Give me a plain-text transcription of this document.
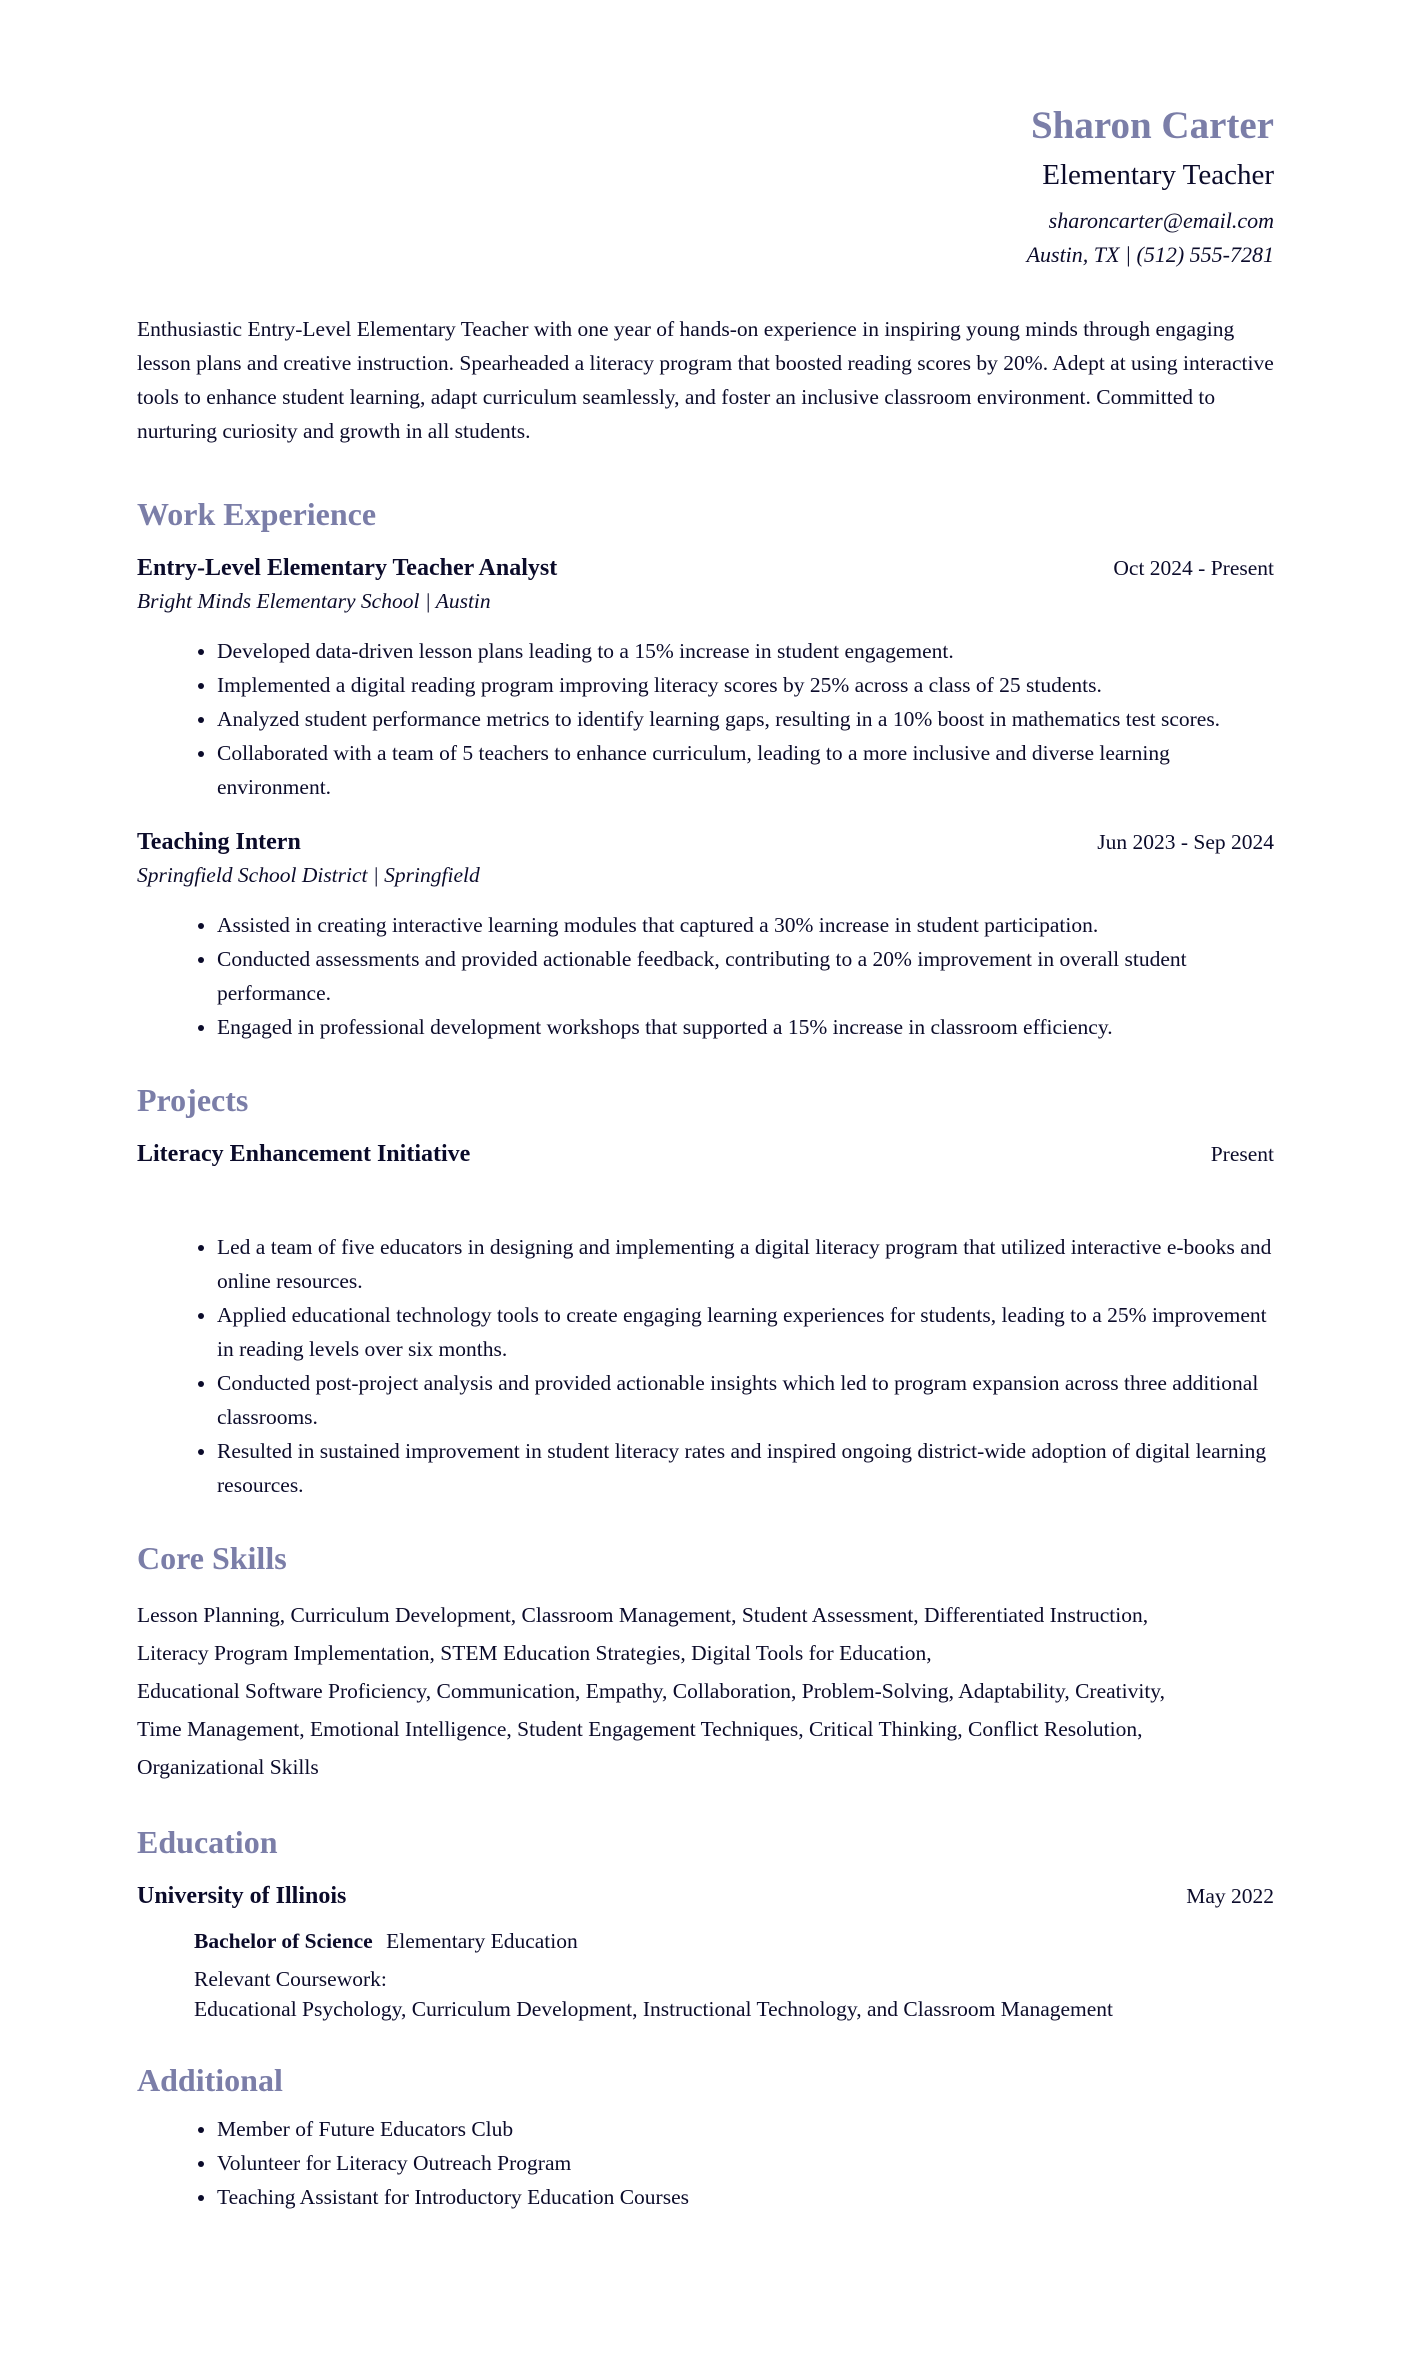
Sharon Carter
Elementary Teacher
sharoncarter@email.com
Austin, TX | (512) 555-7281

Enthusiastic Entry-Level Elementary Teacher with one year of hands-on experience in inspiring young minds through engaging lesson plans and creative instruction. Spearheaded a literacy program that boosted reading scores by 20%. Adept at using interactive tools to enhance student learning, adapt curriculum seamlessly, and foster an inclusive classroom environment. Committed to nurturing curiosity and growth in all students.

Work Experience
Entry-Level Elementary Teacher Analyst	Oct 2024 - Present
Bright Minds Elementary School | Austin
• Developed data-driven lesson plans leading to a 15% increase in student engagement.
• Implemented a digital reading program improving literacy scores by 25% across a class of 25 students.
• Analyzed student performance metrics to identify learning gaps, resulting in a 10% boost in mathematics test scores.
• Collaborated with a team of 5 teachers to enhance curriculum, leading to a more inclusive and diverse learning environment.
Teaching Intern	Jun 2023 - Sep 2024
Springfield School District | Springfield
• Assisted in creating interactive learning modules that captured a 30% increase in student participation.
• Conducted assessments and provided actionable feedback, contributing to a 20% improvement in overall student performance.
• Engaged in professional development workshops that supported a 15% increase in classroom efficiency.
Projects
Literacy Enhancement Initiative	Present
• Led a team of five educators in designing and implementing a digital literacy program that utilized interactive e-books and online resources.
• Applied educational technology tools to create engaging learning experiences for students, leading to a 25% improvement in reading levels over six months.
• Conducted post-project analysis and provided actionable insights which led to program expansion across three additional classrooms.
• Resulted in sustained improvement in student literacy rates and inspired ongoing district-wide adoption of digital learning resources.
Core Skills
Lesson Planning, Curriculum Development, Classroom Management, Student Assessment, Differentiated Instruction,
Literacy Program Implementation, STEM Education Strategies, Digital Tools for Education,
Educational Software Proficiency, Communication, Empathy, Collaboration, Problem-Solving, Adaptability, Creativity,
Time Management, Emotional Intelligence, Student Engagement Techniques, Critical Thinking, Conflict Resolution,
Organizational Skills
Education
University of Illinois	May 2022
Bachelor of Science Elementary Education
Relevant Coursework:
Educational Psychology, Curriculum Development, Instructional Technology, and Classroom Management
Additional
• Member of Future Educators Club
• Volunteer for Literacy Outreach Program
• Teaching Assistant for Introductory Education Courses
